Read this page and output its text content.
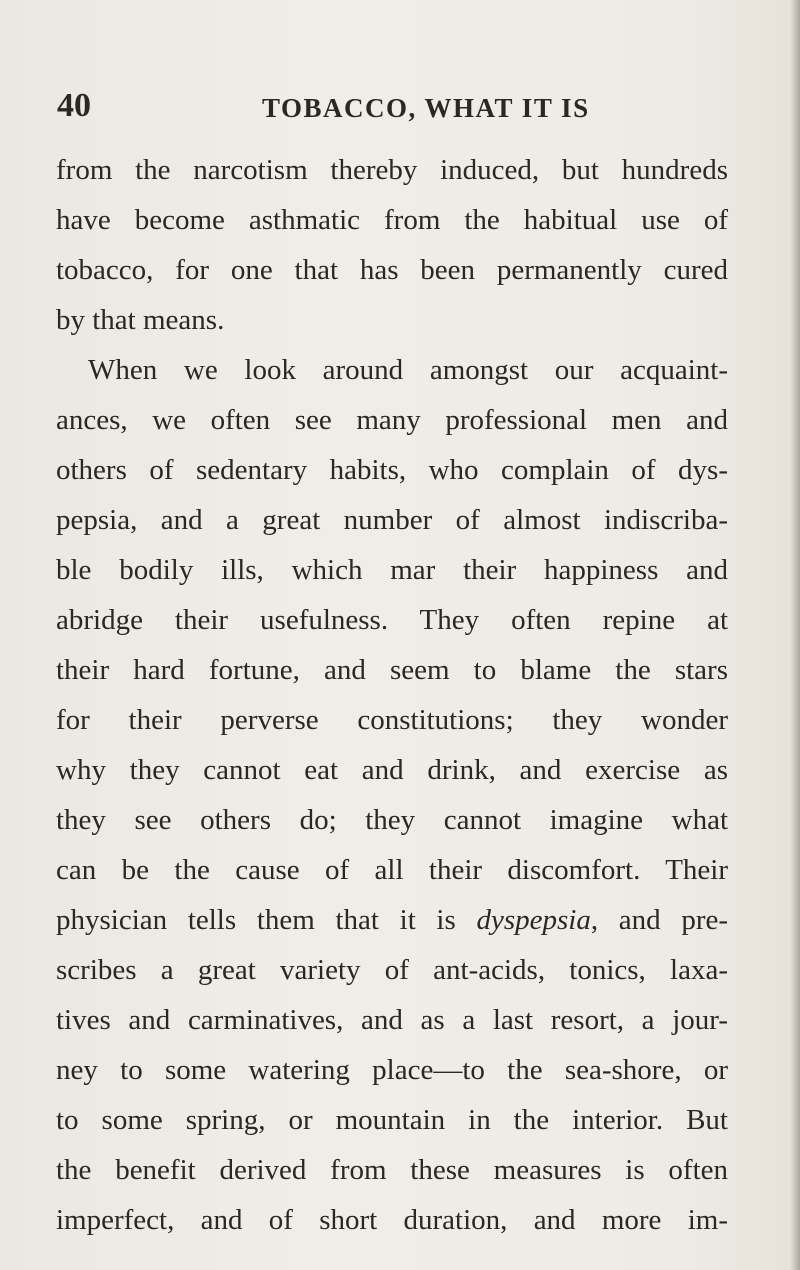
40	TOBACCO, WHAT IT IS
from the narcotism thereby induced, but hundreds
have become asthmatic from the habitual use of
tobacco, for one that has been permanently cured
by that means.
When we look around amongst our acquaint-
ances, we often see many professional men and
others of sedentary habits, who complain of dys-
pepsia, and a great number of almost indiscriba-
ble bodily ills, which mar their happiness and
abridge their usefulness. They often repine at
their hard fortune, and seem to blame the stars
for their perverse constitutions; they wonder
why they cannot eat and drink, and exercise as
they see others do; they cannot imagine what
can be the cause of all their discomfort. Their
physician tells them that it is dyspepsia, and pre-
scribes a great variety of ant-acids, tonics, laxa-
tives and carminatives, and as a last resort, a jour-
ney to some watering place—to the sea-shore, or
to some spring, or mountain in the interior. But
the benefit derived from these measures is often
imperfect, and of short duration, and more im-
